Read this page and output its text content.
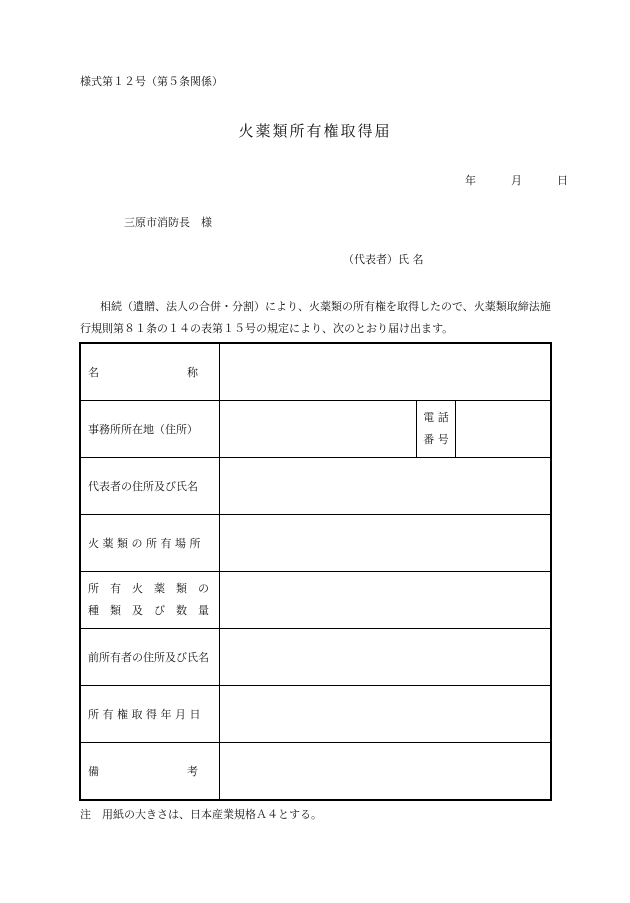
様式第１２号（第５条関係）
火薬類所有権取得届
年	月	日
三原市消防長　様
（代表者）氏 名
相続（遺贈、法人の合併・分割）により、火薬類の所有権を取得したので、火薬類取締法施行規則第８１条の１４の表第１５号の規定により、次のとおり届け出ます。
名　　　　　　　　称
事務所所在地（住所）
電 話
番 号
代表者の住所及び氏名
火 薬 類 の 所 有 場 所
所　有　火　薬　類　の
種　類　及　び　数　量
前所有者の住所及び氏名
所 有 権 取 得 年 月 日
備　　　　　　　　考
注　用紙の大きさは、日本産業規格Ａ４とする。
